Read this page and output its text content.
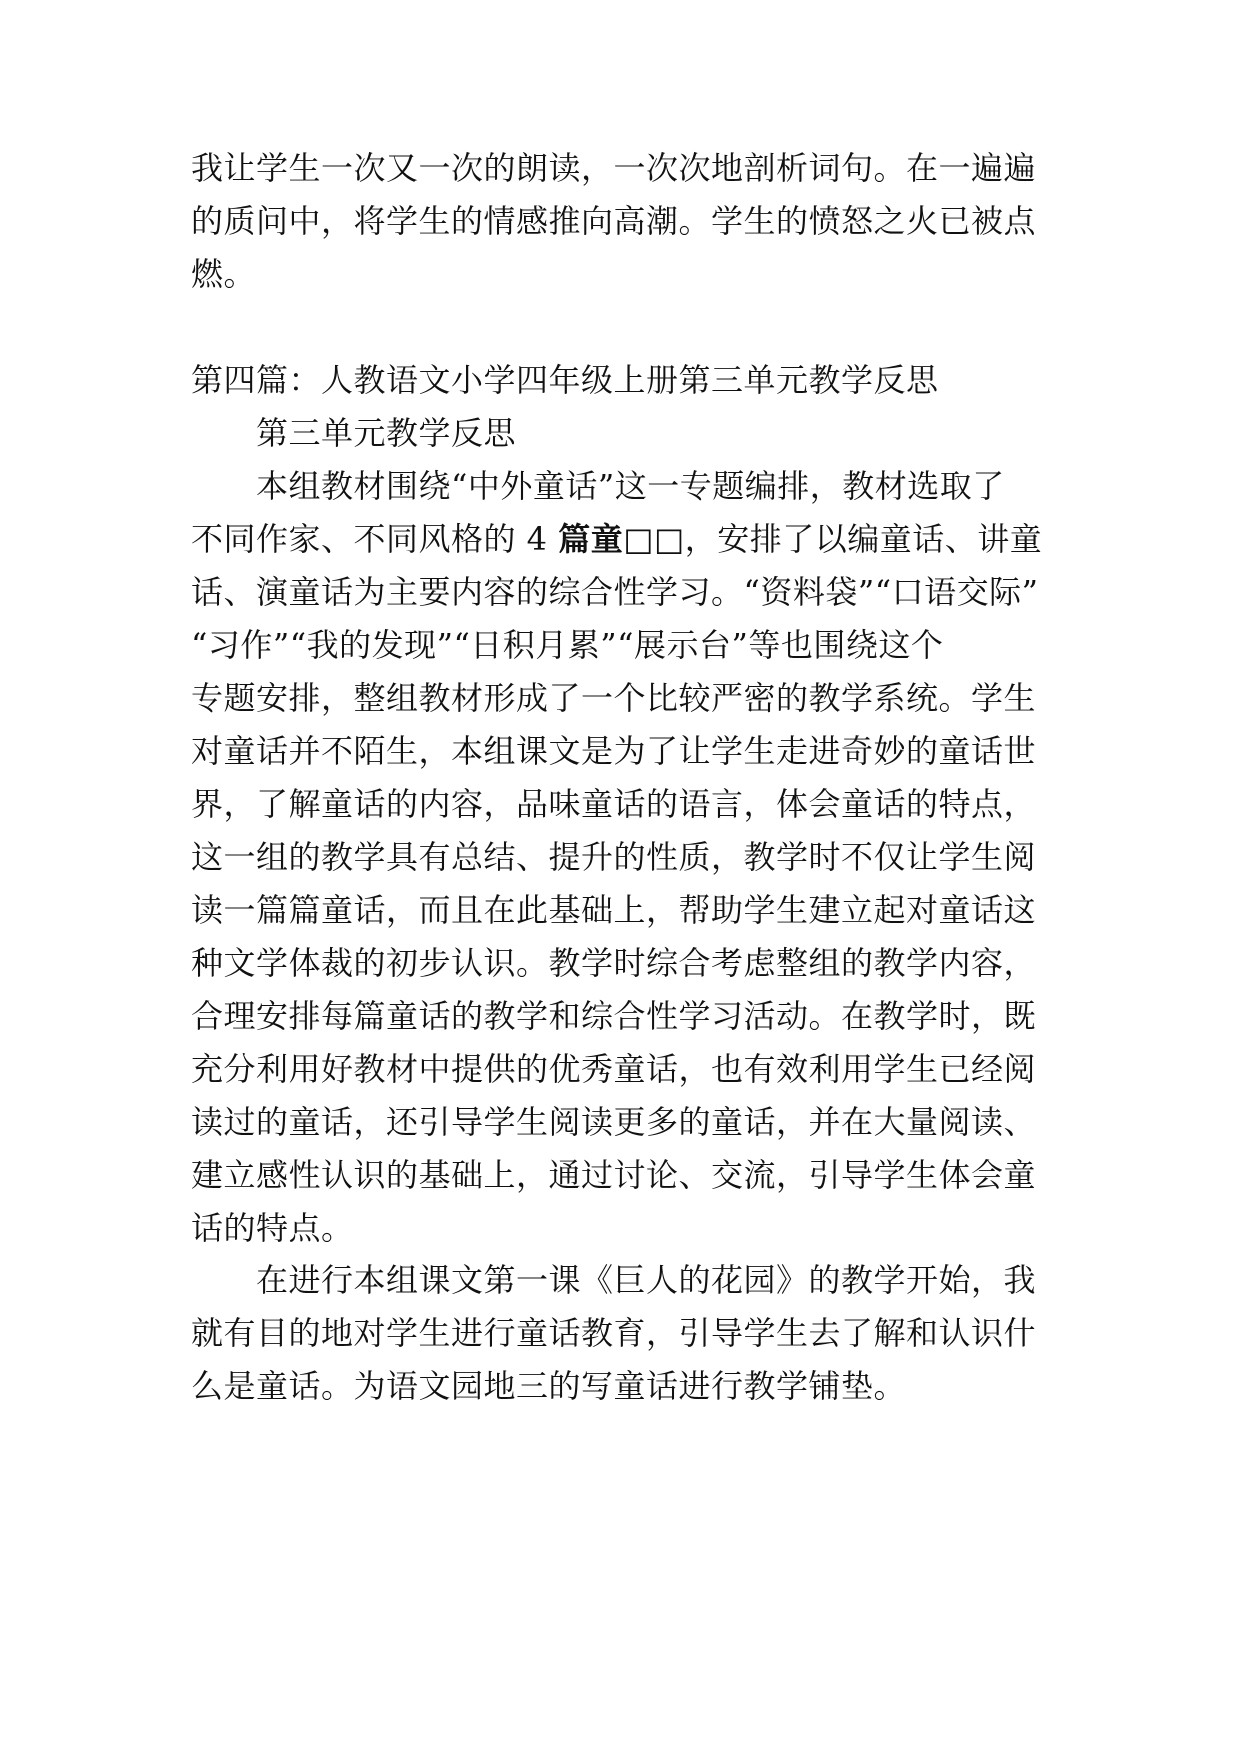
我让学生一次又一次的朗读，一次次地剖析词句。在一遍遍
的质问中，将学生的情感推向高潮。学生的愤怒之火已被点
燃。
第四篇：人教语文小学四年级上册第三单元教学反思
第三单元教学反思
本组教材围绕“中外童话”这一专题编排，教材选取了
不同作家、不同风格的 4 篇童□□，安排了以编童话、讲童
话、演童话为主要内容的综合性学习。“资料袋”“口语交际”
“习作”“我的发现”“日积月累”“展示台”等也围绕这个
专题安排，整组教材形成了一个比较严密的教学系统。学生
对童话并不陌生，本组课文是为了让学生走进奇妙的童话世
界，了解童话的内容，品味童话的语言，体会童话的特点，
这一组的教学具有总结、提升的性质，教学时不仅让学生阅
读一篇篇童话，而且在此基础上，帮助学生建立起对童话这
种文学体裁的初步认识。教学时综合考虑整组的教学内容，
合理安排每篇童话的教学和综合性学习活动。在教学时，既
充分利用好教材中提供的优秀童话，也有效利用学生已经阅
读过的童话，还引导学生阅读更多的童话，并在大量阅读、
建立感性认识的基础上，通过讨论、交流，引导学生体会童
话的特点。
在进行本组课文第一课《巨人的花园》的教学开始，我
就有目的地对学生进行童话教育，引导学生去了解和认识什
么是童话。为语文园地三的写童话进行教学铺垫。
